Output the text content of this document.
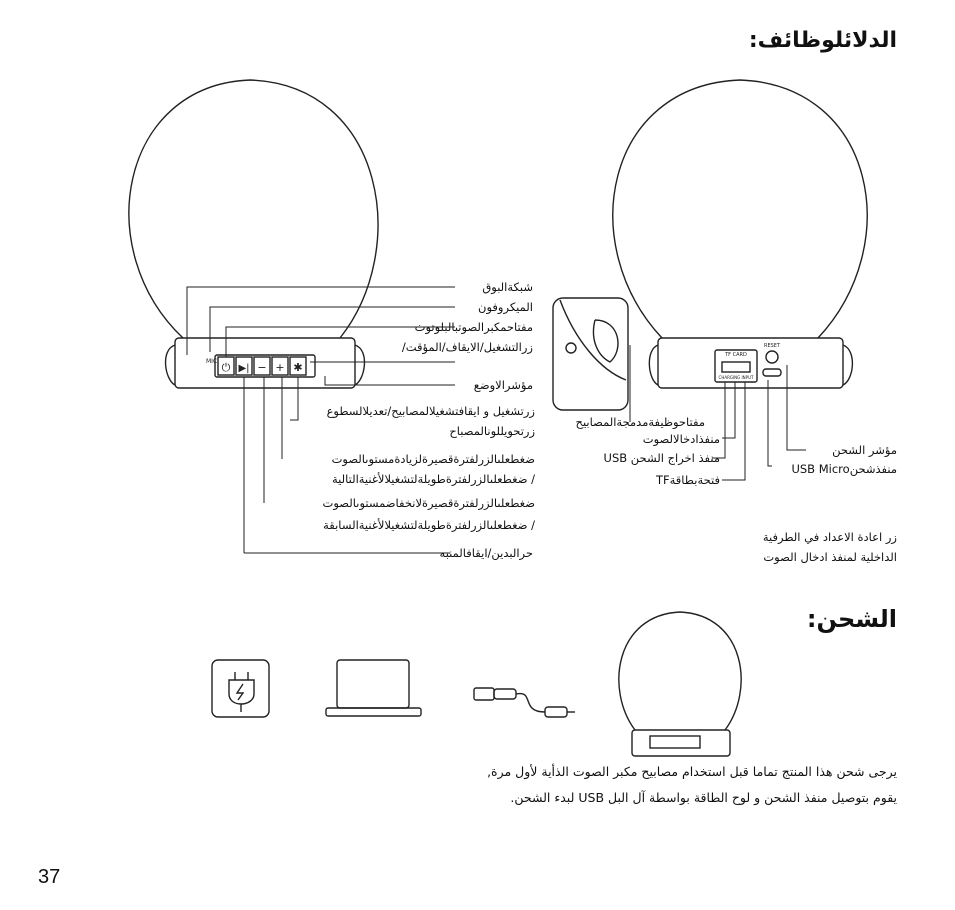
MIC ⏻ ▶| − + ✱
TF CARD
CHARGING INPUT
RESET
الدلائلوظائف:
الشحن:
شبكةالبوق
الميكروفون
مفتاحمكبرالصوتبالبلوتوث
زرالتشغيل/الايقاف/المؤقت/
مؤشرالاوضع
زرتشغيل و ايقافتشغيلالمصابيح/تعديلالسطوع
زرتحويللونالمصباح
ضغطعلىالزرلفترةقصيرةلزيادةمستوىالصوت
/ ضغطعلىالزرلفترةطويلةلتشغيلالأغنيةالتالية
ضغطعلىالزرلفترةقصيرةلانخفاضمستوىالصوت
/ ضغطعلىالزرلفترةطويلةلتشغيلالأغنيةالسابقة
حرالبدين/ايقافالمنبه
مفتاحوظيفةمدمجةالمصابيح
منفذادخالالصوت
منفذ اخراج الشحن USB
فتحةبطاقةTF
مؤشر الشحن
منفذشحنUSB Micro
زر اعادة الاعداد في الطرفية
الداخلية لمنفذ ادخال الصوت
يرجى شحن هذا المنتج تماما قبل استخدام مصابيح مكبر الصوت الذأية لأول مرة,
يقوم بتوصيل منفذ الشحن و لوح الطاقة بواسطة آل البل USB لبدء الشحن.
37
